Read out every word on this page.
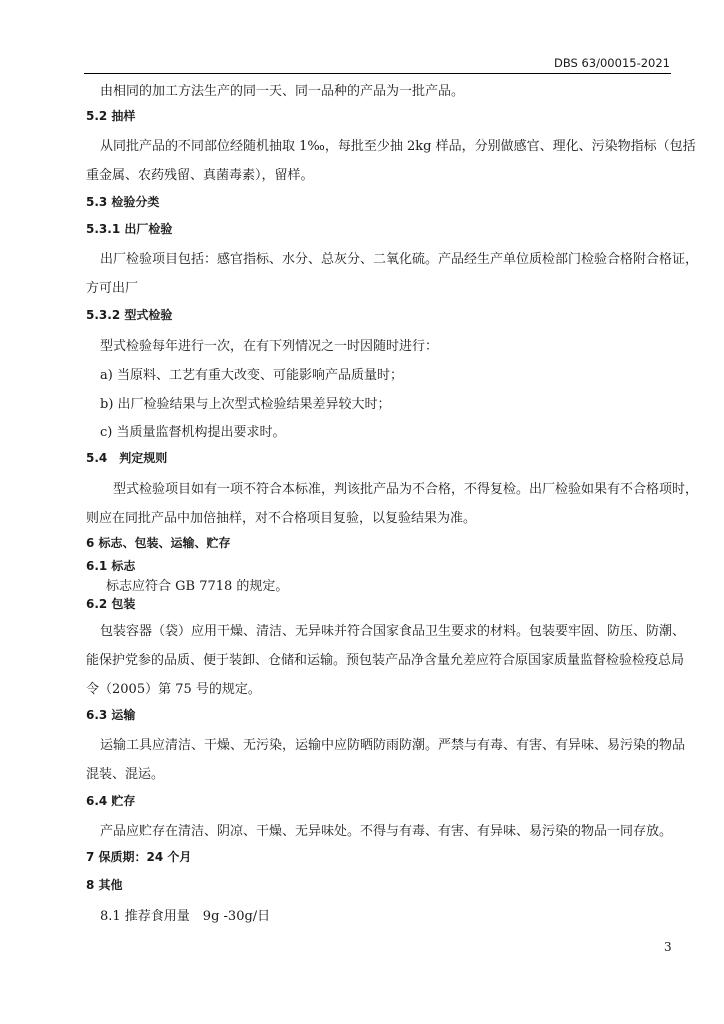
DBS 63/00015-2021
由相同的加工方法生产的同一天、同一品种的产品为一批产品。
5.2 抽样
从同批产品的不同部位经随机抽取 1‰，每批至少抽 2kg 样品，分别做感官、理化、污染物指标（包括
重金属、农药残留、真菌毒素），留样。
5.3 检验分类
5.3.1 出厂检验
出厂检验项目包括：感官指标、水分、总灰分、二氧化硫。产品经生产单位质检部门检验合格附合格证，
方可出厂
5.3.2 型式检验
型式检验每年进行一次，在有下列情况之一时因随时进行：
a) 当原料、工艺有重大改变、可能影响产品质量时；
b) 出厂检验结果与上次型式检验结果差异较大时；
c) 当质量监督机构提出要求时。
5.4　判定规则
型式检验项目如有一项不符合本标准，判该批产品为不合格，不得复检。出厂检验如果有不合格项时，
则应在同批产品中加倍抽样，对不合格项目复验，以复验结果为准。
6 标志、包装、运输、贮存
6.1 标志
标志应符合 GB 7718 的规定。
6.2 包装
包装容器（袋）应用干燥、清洁、无异味并符合国家食品卫生要求的材料。包装要牢固、防压、防潮、
能保护党参的品质、便于装卸、仓储和运输。预包装产品净含量允差应符合原国家质量监督检验检疫总局
令（2005）第 75 号的规定。
6.3 运输
运输工具应清洁、干燥、无污染，运输中应防晒防雨防潮。严禁与有毒、有害、有异味、易污染的物品
混装、混运。
6.4 贮存
产品应贮存在清洁、阴凉、干燥、无异味处。不得与有毒、有害、有异味、易污染的物品一同存放。
7 保质期：24 个月
8 其他
8.1 推荐食用量　9g -30g/日
3
